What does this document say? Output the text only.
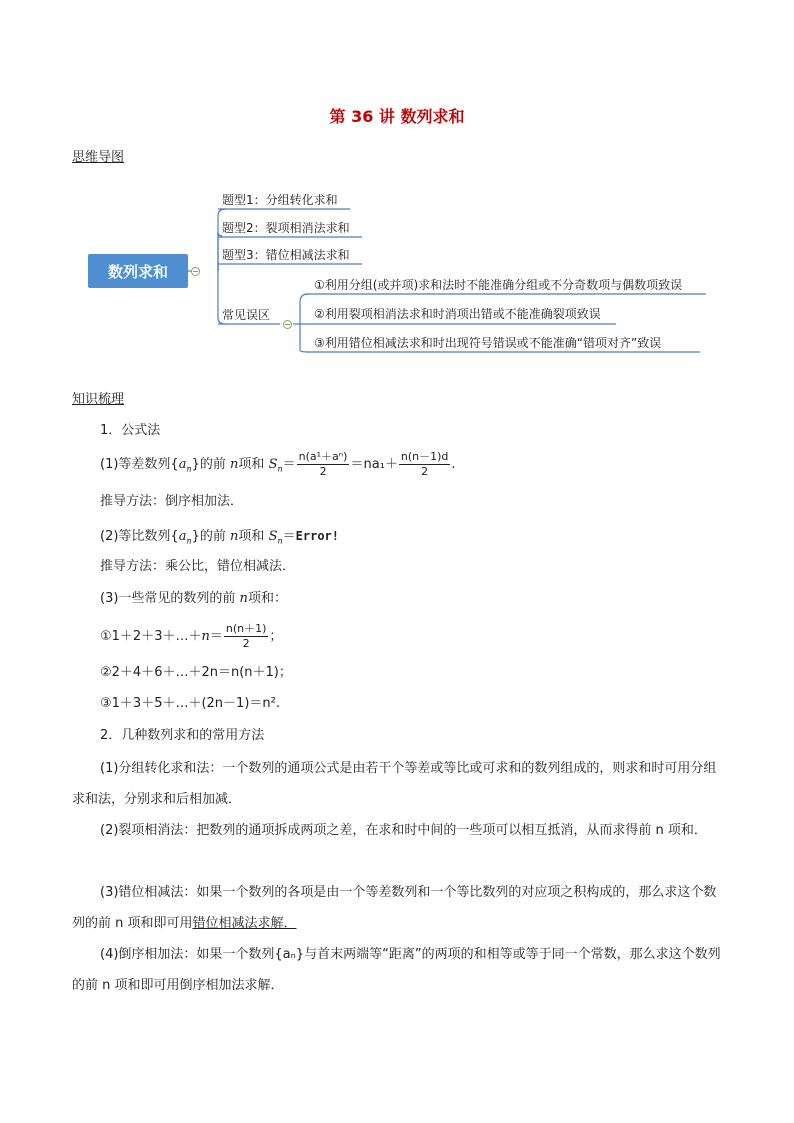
第 36 讲 数列求和
思维导图
数列求和
题型1：分组转化求和
题型2：裂项相消法求和
题型3：错位相减法求和
常见误区
①利用分组(或并项)求和法时不能准确分组或不分奇数项与偶数项致误
②利用裂项相消法求和时消项出错或不能准确裂项致误
③利用错位相减法求和时出现符号错误或不能准确“错项对齐”致误
知识梳理
1．公式法
(1)等差数列$\{a_n\}$的前 n项和 $S_n= \frac{\text{n(a¹＋aⁿ)}}{2} =na_1+ \frac{n(n-1)d}{2}$ .
推导方法：倒序相加法．
(2)等比数列$\{a_n\}$的前 n项和 $S_n=Error$!
推导方法：乘公比，错位相减法．
(3)一些常见的数列的前 n项和：
①1＋2＋3＋…＋n＝ $\frac{n(n+1)}{2}$ ；
②2＋4＋6＋…＋2n＝n(n＋1)；
③1＋3＋5＋…＋(2n－1)＝n².
2．几种数列求和的常用方法
(1)分组转化求和法：一个数列的通项公式是由若干个等差或等比或可求和的数列组成的，则求和时可用分组求和法，分别求和后相加减．
(2)裂项相消法：把数列的通项拆成两项之差，在求和时中间的一些项可以相互抵消，从而求得前 n 项和．
(3)错位相减法：如果一个数列的各项是由一个等差数列和一个等比数列的对应项之积构成的，那么求这个数列的前 n 项和即可用错位相减法求解．
(4)倒序相加法：如果一个数列{aₙ}与首末两端等“距离”的两项的和相等或等于同一个常数，那么求这个数列的前 n 项和即可用倒序相加法求解．
